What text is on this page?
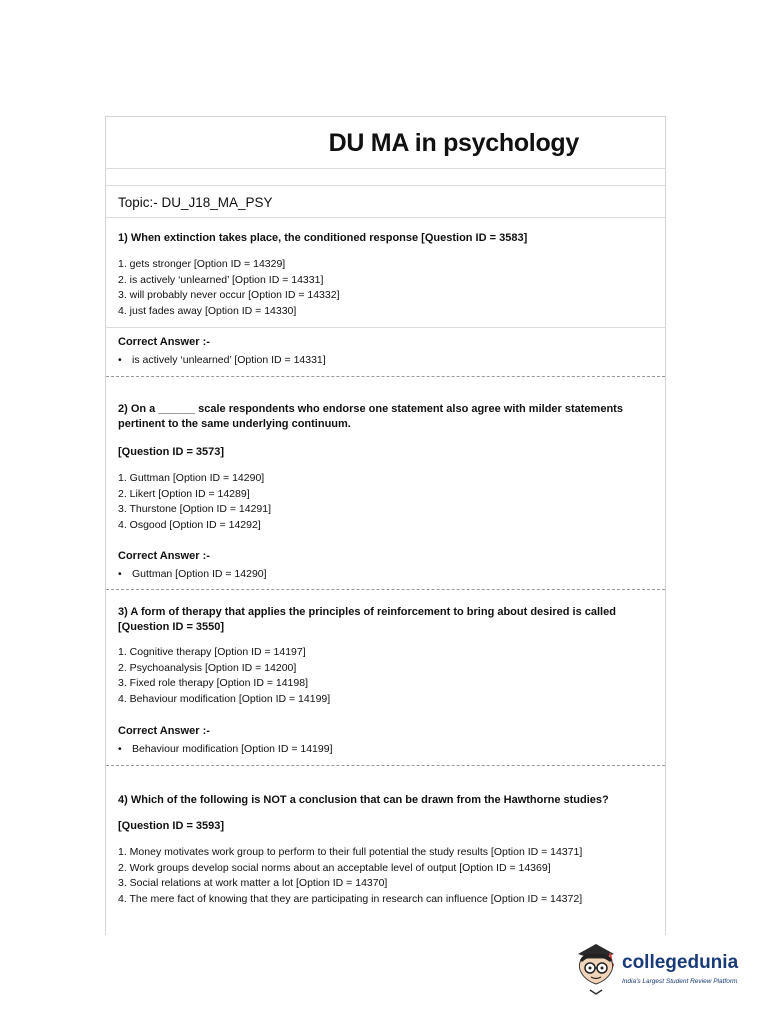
DU MA in psychology
Topic:- DU_J18_MA_PSY
1) When extinction takes place, the conditioned response [Question ID = 3583]
1. gets stronger [Option ID = 14329]
2. is actively ‘unlearned’ [Option ID = 14331]
3. will probably never occur [Option ID = 14332]
4. just fades away [Option ID = 14330]
Correct Answer :-
• is actively ‘unlearned’ [Option ID = 14331]
2) On a ______ scale respondents who endorse one statement also agree with milder statements pertinent to the same underlying continuum.
[Question ID = 3573]
1. Guttman [Option ID = 14290]
2. Likert [Option ID = 14289]
3. Thurstone [Option ID = 14291]
4. Osgood [Option ID = 14292]
Correct Answer :-
• Guttman [Option ID = 14290]
3) A form of therapy that applies the principles of reinforcement to bring about desired is called [Question ID = 3550]
1. Cognitive therapy [Option ID = 14197]
2. Psychoanalysis [Option ID = 14200]
3. Fixed role therapy [Option ID = 14198]
4. Behaviour modification [Option ID = 14199]
Correct Answer :-
• Behaviour modification [Option ID = 14199]
4) Which of the following is NOT a conclusion that can be drawn from the Hawthorne studies?
[Question ID = 3593]
1. Money motivates work group to perform to their full potential the study results [Option ID = 14371]
2. Work groups develop social norms about an acceptable level of output [Option ID = 14369]
3. Social relations at work matter a lot [Option ID = 14370]
4. The mere fact of knowing that they are participating in research can influence [Option ID = 14372]
collegedunia
India's Largest Student Review Platform
